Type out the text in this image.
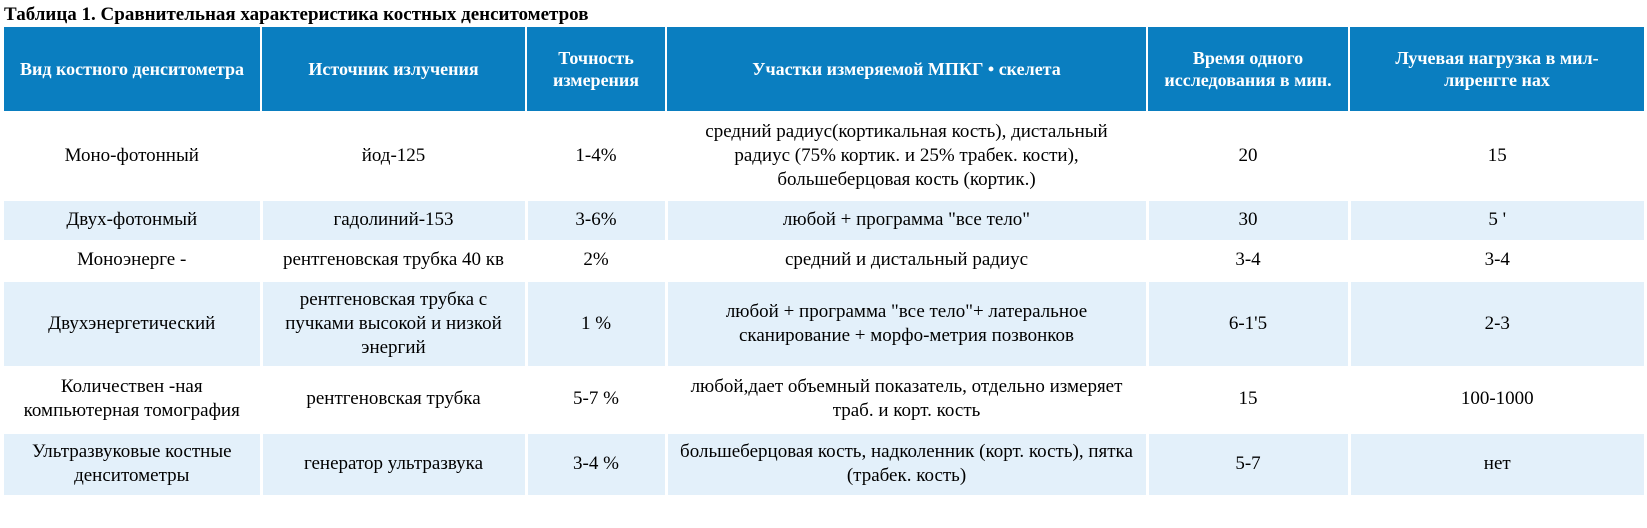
Таблица 1. Сравнительная характеристика костных денситометров
Вид костного денситометра	Источник излучения	Точность измерения	Участки измеряемой МПКГ • скелета	Время одного исследования в мин.	Лучевая нагрузка в мил-лиренгге нах
Моно-фотонный	йод-125	1-4%	средний радиус(кортикальная кость), дистальный радиус (75% кортик. и 25% трабек. кости), большеберцовая кость (кортик.)	20	15
Двух-фотонмый	гадолиний-153	3-6%	любой + программа "все тело"	30	5 '
Моноэнерге -	рентгеновская трубка 40 кв	2%	средний и дистальный радиус	3-4	3-4
Двухэнергетический	рентгеновская трубка с пучками высокой и низкой энергий	1 %	любой + программа "все тело"+ латеральное сканирование + морфо-метрия позвонков	6-1'5	2-3
Количествен -ная компьютерная томография	рентгеновская трубка	5-7 %	любой,дает объемный показатель, отдельно измеряет траб. и корт. кость	15	100-1000
Ультразвуковые костные денситометры	генератор ультразвука	3-4 %	большеберцовая кость, надколенник (корт. кость), пятка (трабек. кость)	5-7	нет
